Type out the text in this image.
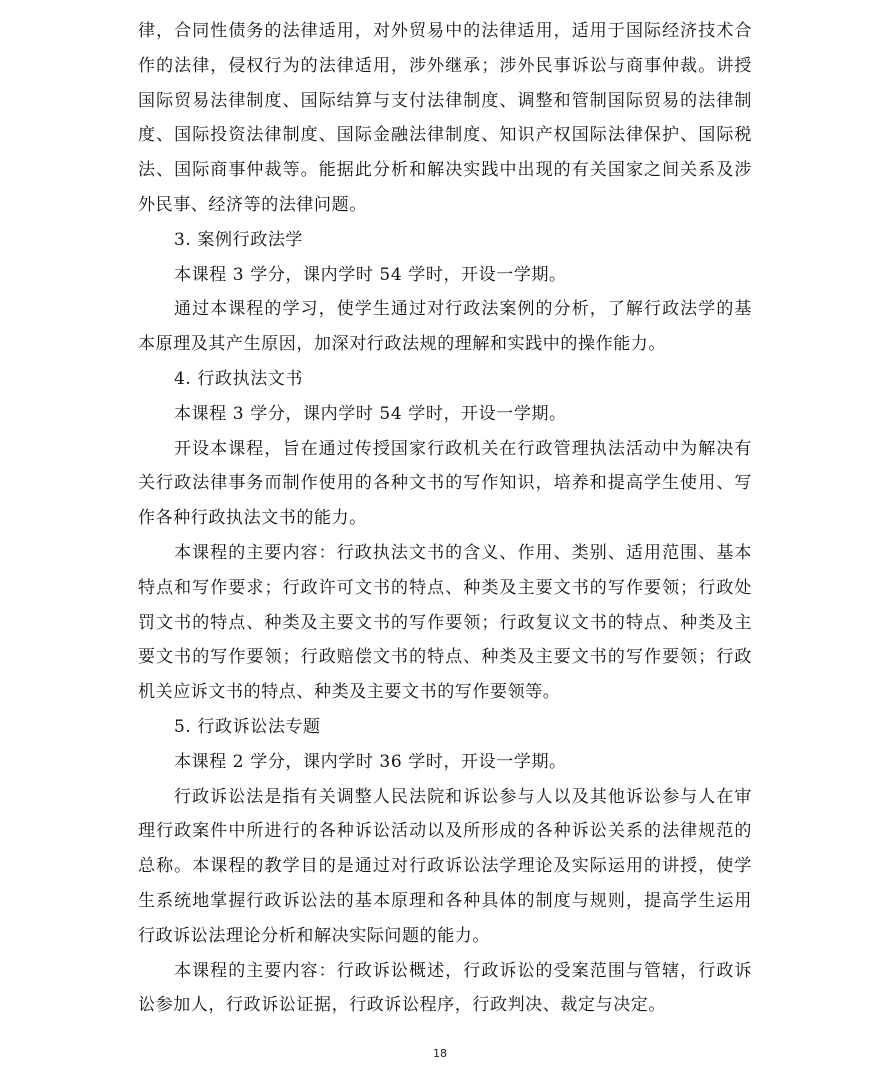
律，合同性债务的法律适用，对外贸易中的法律适用，适用于国际经济技术合作的法律，侵权行为的法律适用，涉外继承；涉外民事诉讼与商事仲裁。讲授国际贸易法律制度、国际结算与支付法律制度、调整和管制国际贸易的法律制度、国际投资法律制度、国际金融法律制度、知识产权国际法律保护、国际税法、国际商事仲裁等。能据此分析和解决实践中出现的有关国家之间关系及涉外民事、经济等的法律问题。

3. 案例行政法学

本课程 3 学分，课内学时 54 学时，开设一学期。

通过本课程的学习，使学生通过对行政法案例的分析，了解行政法学的基本原理及其产生原因，加深对行政法规的理解和实践中的操作能力。

4. 行政执法文书

本课程 3 学分，课内学时 54 学时，开设一学期。

开设本课程，旨在通过传授国家行政机关在行政管理执法活动中为解决有关行政法律事务而制作使用的各种文书的写作知识，培养和提高学生使用、写作各种行政执法文书的能力。

本课程的主要内容：行政执法文书的含义、作用、类别、适用范围、基本特点和写作要求；行政许可文书的特点、种类及主要文书的写作要领；行政处罚文书的特点、种类及主要文书的写作要领；行政复议文书的特点、种类及主要文书的写作要领；行政赔偿文书的特点、种类及主要文书的写作要领；行政机关应诉文书的特点、种类及主要文书的写作要领等。

5. 行政诉讼法专题

本课程 2 学分，课内学时 36 学时，开设一学期。

行政诉讼法是指有关调整人民法院和诉讼参与人以及其他诉讼参与人在审理行政案件中所进行的各种诉讼活动以及所形成的各种诉讼关系的法律规范的总称。本课程的教学目的是通过对行政诉讼法学理论及实际运用的讲授，使学生系统地掌握行政诉讼法的基本原理和各种具体的制度与规则，提高学生运用行政诉讼法理论分析和解决实际问题的能力。

本课程的主要内容：行政诉讼概述，行政诉讼的受案范围与管辖，行政诉讼参加人，行政诉讼证据，行政诉讼程序，行政判决、裁定与决定。

18
